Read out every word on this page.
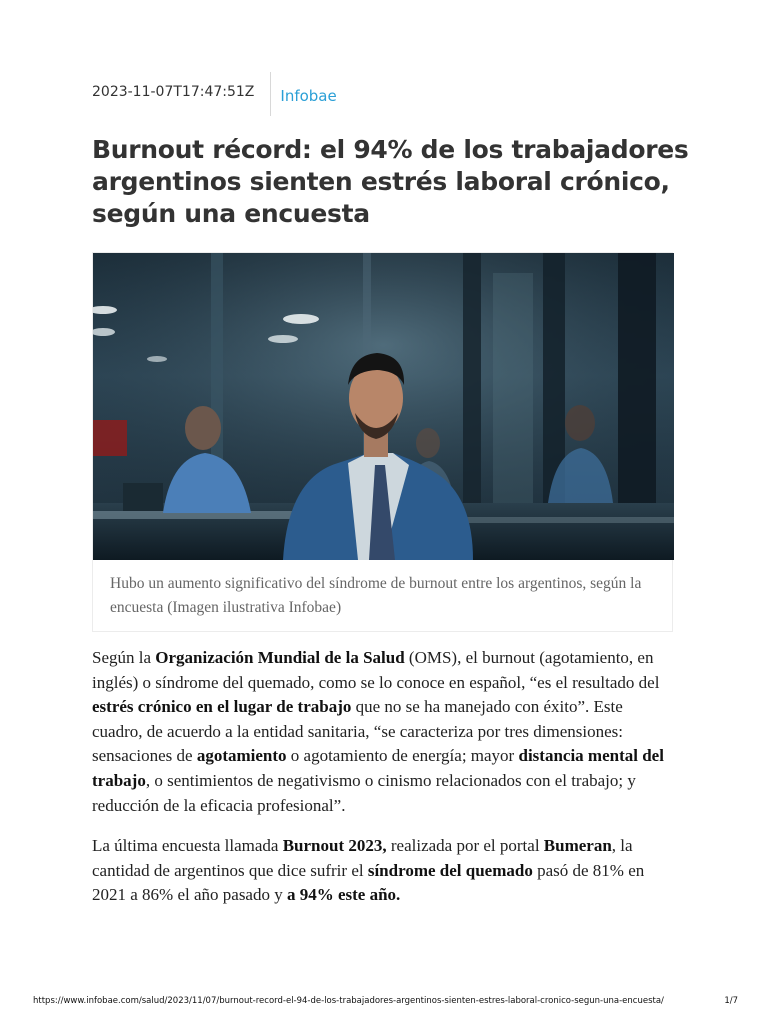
2023-11-07T17:47:51Z	Infobae
Burnout récord: el 94% de los trabajadores argentinos sienten estrés laboral crónico, según una encuesta
Hubo un aumento significativo del síndrome de burnout entre los argentinos, según la encuesta (Imagen ilustrativa Infobae)

Según la Organización Mundial de la Salud (OMS), el burnout (agotamiento, en inglés) o síndrome del quemado, como se lo conoce en español, “es el resultado del estrés crónico en el lugar de trabajo que no se ha manejado con éxito”. Este cuadro, de acuerdo a la entidad sanitaria, “se caracteriza por tres dimensiones: sensaciones de agotamiento o agotamiento de energía; mayor distancia mental del trabajo, o sentimientos de negativismo o cinismo relacionados con el trabajo; y reducción de la eficacia profesional”.

La última encuesta llamada Burnout 2023, realizada por el portal Bumeran, la cantidad de argentinos que dice sufrir el síndrome del quemado pasó de 81% en 2021 a 86% el año pasado y a 94% este año.

https://www.infobae.com/salud/2023/11/07/burnout-record-el-94-de-los-trabajadores-argentinos-sienten-estres-laboral-cronico-segun-una-encuesta/	1/7
